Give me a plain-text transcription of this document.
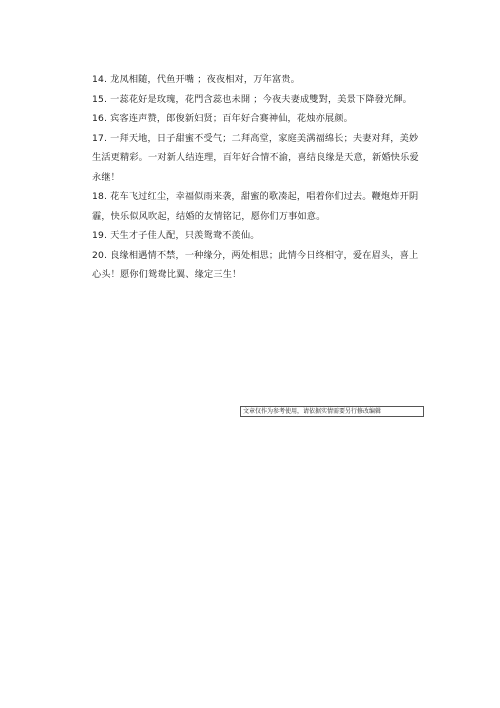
14. 龙凤相随，代鱼开嘴 ；夜夜相对，万年富贵。

15. 一蕊花好是玫瑰，花門含蕊也未開 ；今夜夫妻成雙對，美景下降發光輝。

16. 宾客连声赞，郎俊新妇贤；百年好合赛神仙，花烛亦展颜。

17. 一拜天地，日子甜蜜不受气；二拜高堂，家庭美满福绵长；夫妻对拜，美妙生活更精彩。一对新人结连理，百年好合情不渝，喜结良缘是天意，新婚快乐爱永继！

18. 花车飞过红尘，幸福似雨来袭，甜蜜的歌凑起，唱着你们过去。鞭炮炸开阴霾，快乐似风吹起，结婚的友情铭记，愿你们万事如意。

19. 天生才子佳人配，只羡鸳鸯不羡仙。

20. 良缘相遇情不禁，一种缘分，两处相思；此情今日终相守，爱在眉头，喜上心头！愿你们鸳鸯比翼、缘定三生！

文章仅作为参考使用，请依据实情需要另行修改编辑
